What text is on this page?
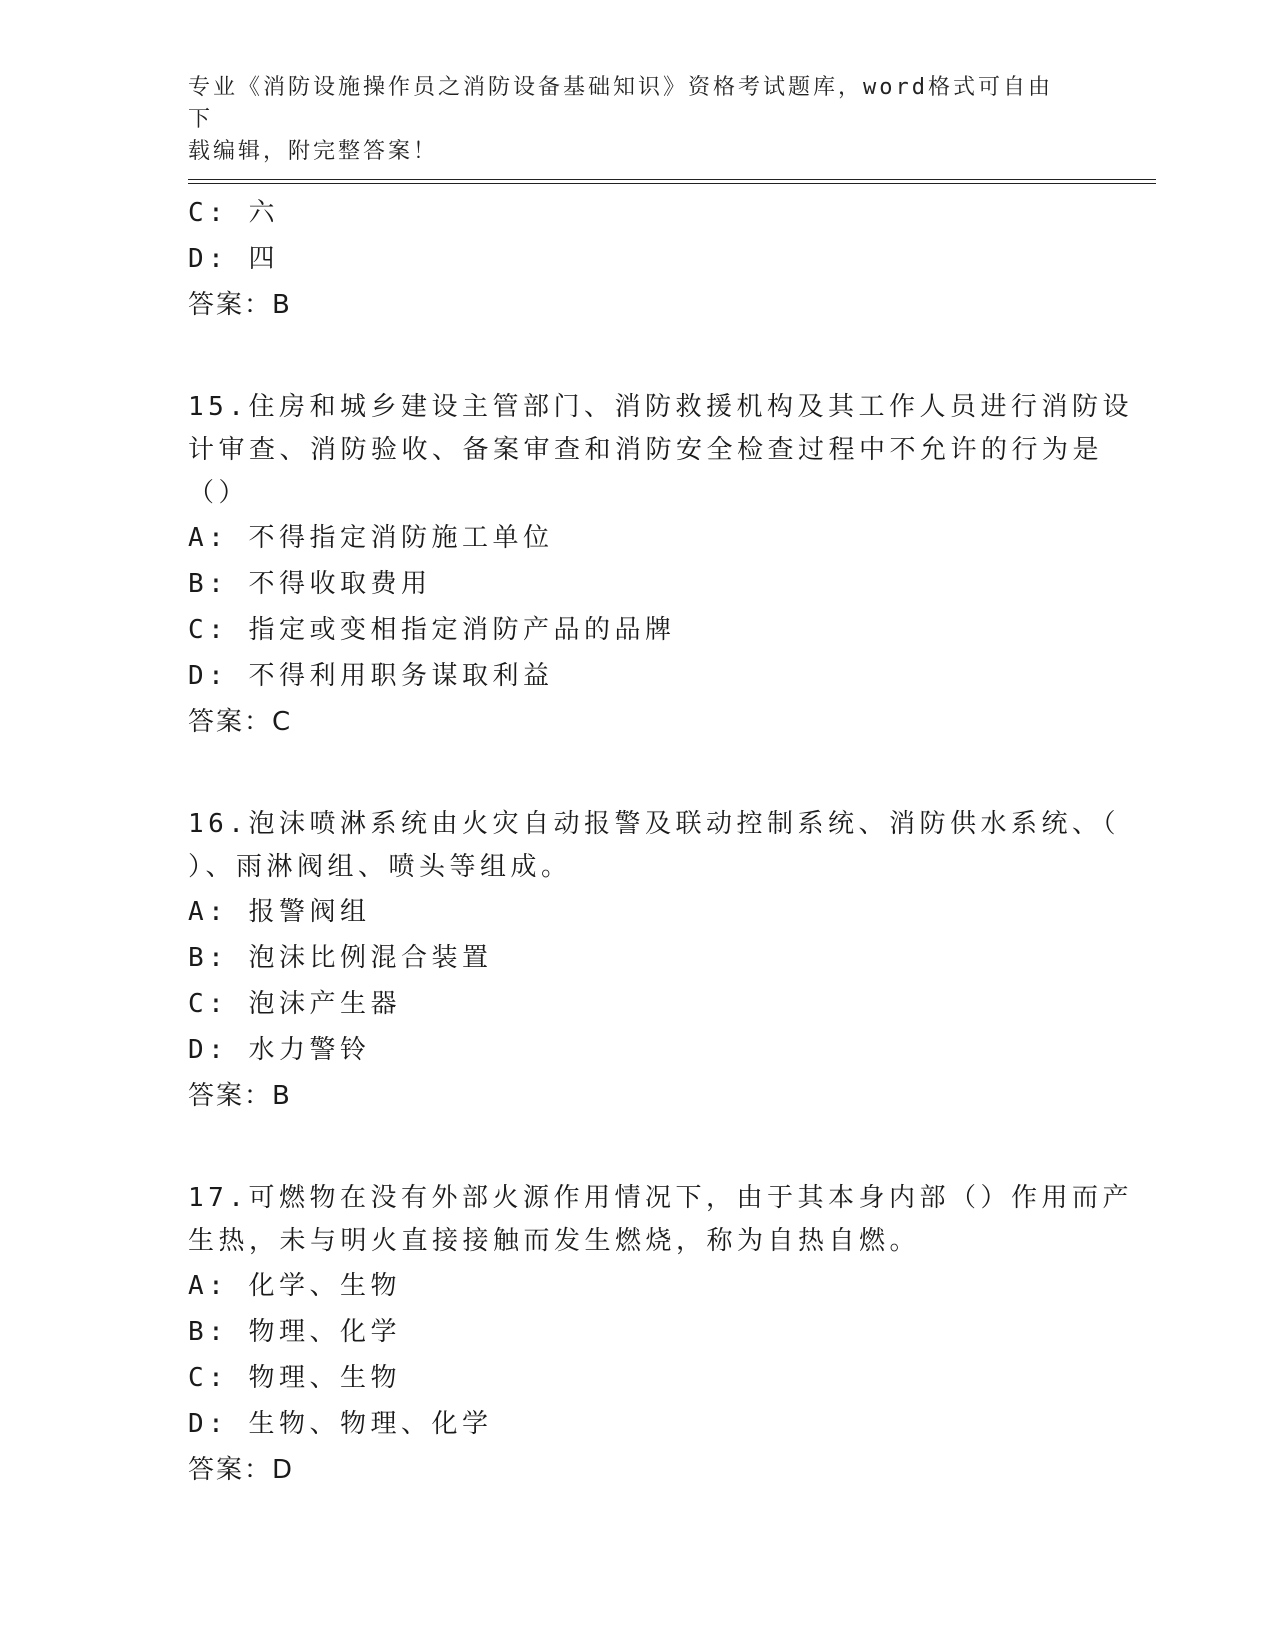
专业《消防设施操作员之消防设备基础知识》资格考试题库，word格式可自由下
载编辑，附完整答案！
C: 六
D: 四
答案：B
15.住房和城乡建设主管部门、消防救援机构及其工作人员进行消防设
计审查、消防验收、备案审查和消防安全检查过程中不允许的行为是
（）
A: 不得指定消防施工单位
B: 不得收取费用
C: 指定或变相指定消防产品的品牌
D: 不得利用职务谋取利益
答案：C
16.泡沫喷淋系统由火灾自动报警及联动控制系统、消防供水系统、（
）、雨淋阀组、喷头等组成。
A: 报警阀组
B: 泡沫比例混合装置
C: 泡沫产生器
D: 水力警铃
答案：B
17.可燃物在没有外部火源作用情况下，由于其本身内部（）作用而产
生热，未与明火直接接触而发生燃烧，称为自热自燃。
A: 化学、生物
B: 物理、化学
C: 物理、生物
D: 生物、物理、化学
答案：D
